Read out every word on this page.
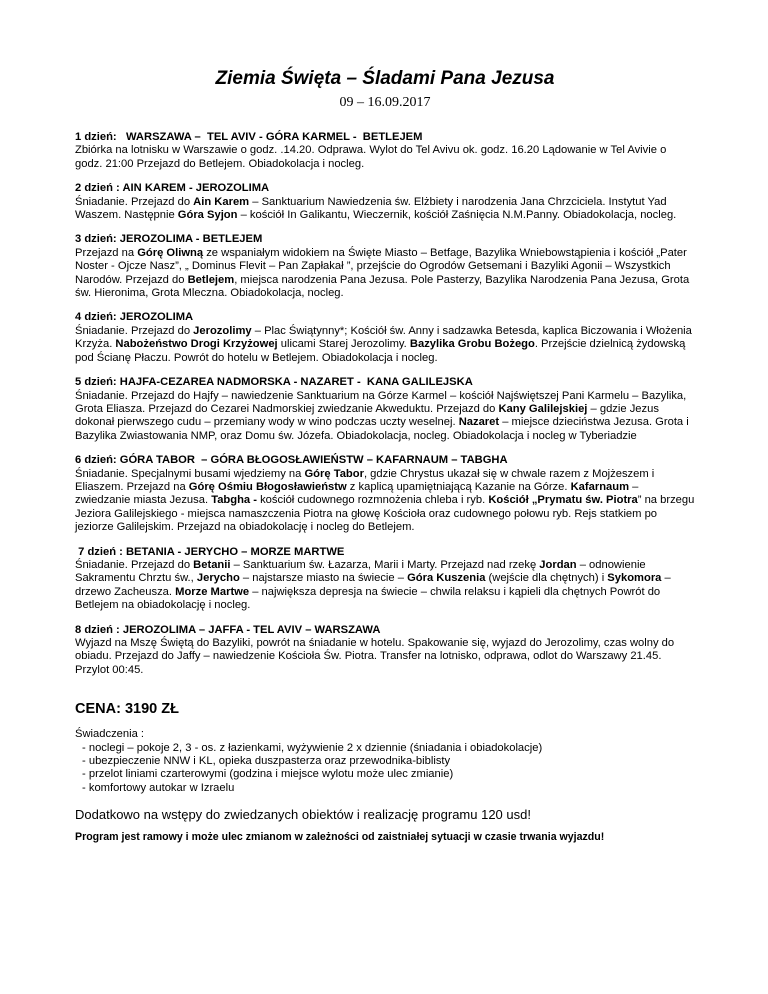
Ziemia Święta – Śladami Pana Jezusa
09 – 16.09.2017
1 dzień:   WARSZAWA –  TEL AVIV - GÓRA KARMEL -  BETLEJEM

Zbiórka na lotnisku w Warszawie o godz. .14.20. Odprawa. Wylot do Tel Avivu ok. godz. 16.20 Lądowanie w Tel Avivie o godz. 21:00 Przejazd do Betlejem. Obiadokolacja i nocleg.

2 dzień : AIN KAREM - JEROZOLIMA

Śniadanie. Przejazd do Ain Karem – Sanktuarium Nawiedzenia św. Elżbiety i narodzenia Jana Chrzciciela. Instytut Yad Waszem. Następnie Góra Syjon – kościół In Galikantu, Wieczernik, kościół Zaśnięcia N.M.Panny. Obiadokolacja, nocleg.

3 dzień: JEROZOLIMA - BETLEJEM

Przejazd na Górę Oliwną ze wspaniałym widokiem na Święte Miasto – Betfage, Bazylika Wniebowstąpienia i kościół „Pater Noster - Ojcze Nasz”, „ Dominus Flevit – Pan Zapłakał ”, przejście do Ogrodów Getsemani i Bazyliki Agonii – Wszystkich Narodów. Przejazd do Betlejem, miejsca narodzenia Pana Jezusa. Pole Pasterzy, Bazylika Narodzenia Pana Jezusa, Grota św. Hieronima, Grota Mleczna. Obiadokolacja, nocleg.

4 dzień: JEROZOLIMA

Śniadanie. Przejazd do Jerozolimy – Plac Świątynny*; Kościół św. Anny i sadzawka Betesda, kaplica Biczowania i Włożenia Krzyża. Nabożeństwo Drogi Krzyżowej ulicami Starej Jerozolimy. Bazylika Grobu Bożego. Przejście dzielnicą żydowską pod Ścianę Płaczu. Powrót do hotelu w Betlejem. Obiadokolacja i nocleg.

5 dzień: HAJFA-CEZAREA NADMORSKA - NAZARET -  KANA GALILEJSKA

Śniadanie. Przejazd do Hajfy – nawiedzenie Sanktuarium na Górze Karmel – kościół Najświętszej Pani Karmelu – Bazylika, Grota Eliasza. Przejazd do Cezarei Nadmorskiej zwiedzanie Akweduktu. Przejazd do Kany Galilejskiej – gdzie Jezus dokonał pierwszego cudu – przemiany wody w wino podczas uczty weselnej. Nazaret – miejsce dzieciństwa Jezusa. Grota i Bazylika Zwiastowania NMP, oraz Domu św. Józefa. Obiadokolacja, nocleg. Obiadokolacja i nocleg w Tyberiadzie

6 dzień: GÓRA TABOR  – GÓRA BŁOGOSŁAWIEŃSTW – KAFARNAUM – TABGHA

Śniadanie. Specjalnymi busami wjedziemy na Górę Tabor, gdzie Chrystus ukazał się w chwale razem z Mojżeszem i Eliaszem. Przejazd na Górę Ośmiu Błogosławieństw z kaplicą upamiętniającą Kazanie na Górze. Kafarnaum – zwiedzanie miasta Jezusa. Tabgha - kościół cudownego rozmnożenia chleba i ryb. Kościół „Prymatu św. Piotra” na brzegu Jeziora Galilejskiego - miejsca namaszczenia Piotra na głowę Kościoła oraz cudownego połowu ryb. Rejs statkiem po jeziorze Galilejskim. Przejazd na obiadokolację i nocleg do Betlejem.

7 dzień : BETANIA - JERYCHO – MORZE MARTWE

Śniadanie. Przejazd do Betanii – Sanktuarium św. Łazarza, Marii i Marty. Przejazd nad rzekę Jordan – odnowienie Sakramentu Chrztu św., Jerycho – najstarsze miasto na świecie – Góra Kuszenia (wejście dla chętnych) i Sykomora – drzewo Zacheusza. Morze Martwe – największa depresja na świecie – chwila relaksu i kąpieli dla chętnych Powrót do Betlejem na obiadokolację i nocleg.

8 dzień : JEROZOLIMA – JAFFA - TEL AVIV – WARSZAWA

Wyjazd na Mszę Świętą do Bazyliki, powrót na śniadanie w hotelu. Spakowanie się, wyjazd do Jerozolimy, czas wolny do obiadu. Przejazd do Jaffy – nawiedzenie Kościoła Św. Piotra. Transfer na lotnisko, odprawa, odlot do Warszawy 21.45. Przylot 00:45.

CENA: 3190 ZŁ
Świadczenia :
- noclegi – pokoje 2, 3 - os. z łazienkami, wyżywienie 2 x dziennie (śniadania i obiadokolacje)
- ubezpieczenie NNW i KL, opieka duszpasterza oraz przewodnika-biblisty
- przelot liniami czarterowymi (godzina i miejsce wylotu może ulec zmianie)
- komfortowy autokar w Izraelu
Dodatkowo na wstępy do zwiedzanych obiektów i realizację programu 120 usd!
Program jest ramowy i może ulec zmianom w zależności od zaistniałej sytuacji w czasie trwania wyjazdu!
